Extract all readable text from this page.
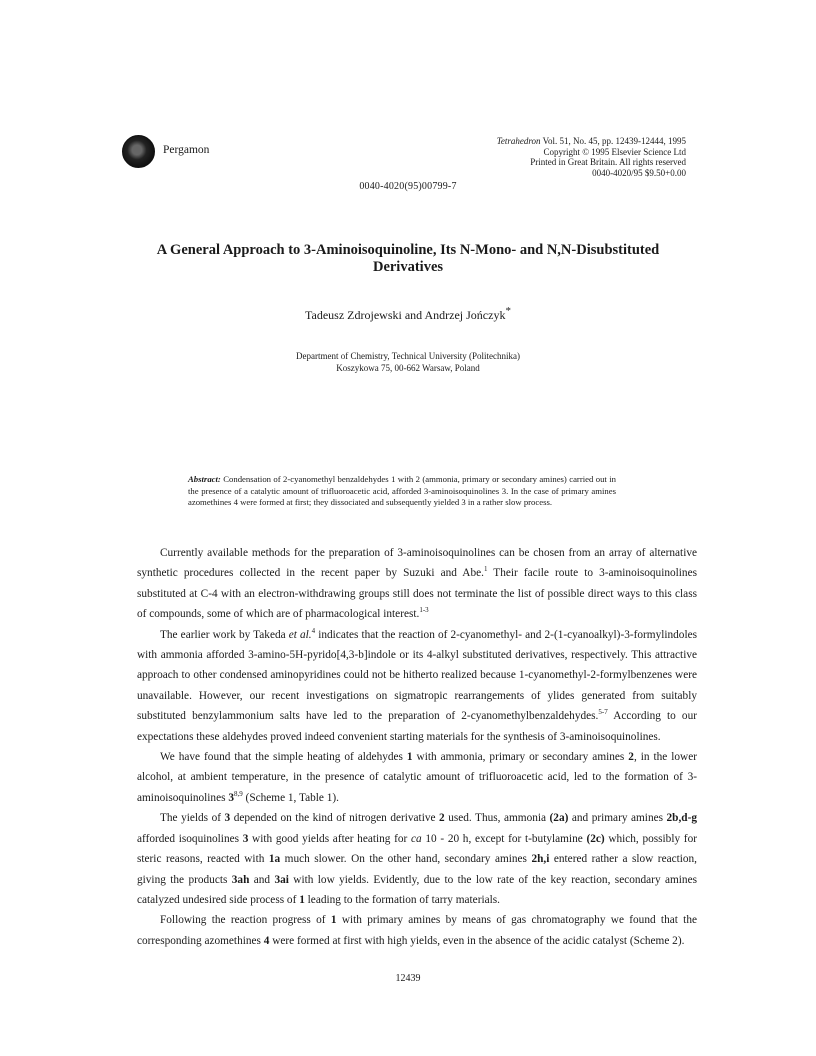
Pergamon
Tetrahedron Vol. 51, No. 45, pp. 12439-12444, 1995
Copyright © 1995 Elsevier Science Ltd
Printed in Great Britain. All rights reserved
0040-4020/95 $9.50+0.00
0040-4020(95)00799-7
A General Approach to 3-Aminoisoquinoline, Its N-Mono- and N,N-Disubstituted Derivatives
Tadeusz Zdrojewski and Andrzej Jończyk*
Department of Chemistry, Technical University (Politechnika)
Koszykowa 75, 00-662 Warsaw, Poland
Abstract: Condensation of 2-cyanomethyl benzaldehydes 1 with 2 (ammonia, primary or secondary amines) carried out in the presence of a catalytic amount of trifluoroacetic acid, afforded 3-aminoisoquinolines 3. In the case of primary amines azomethines 4 were formed at first; they dissociated and subsequently yielded 3 in a rather slow process.

Currently available methods for the preparation of 3-aminoisoquinolines can be chosen from an array of alternative synthetic procedures collected in the recent paper by Suzuki and Abe.$^1$ Their facile route to 3-aminoisoquinolines substituted at C-4 with an electron-withdrawing groups still does not terminate the list of possible direct ways to this class of compounds, some of which are of pharmacological interest.$^{1-3}$

The earlier work by Takeda et al.$^4$ indicates that the reaction of 2-cyanomethyl- and 2-(1-cyanoalkyl)-3-formylindoles with ammonia afforded 3-amino-5H-pyrido[4,3-b]indole or its 4-alkyl substituted derivatives, respectively. This attractive approach to other condensed aminopyridines could not be hitherto realized because 1-cyanomethyl-2-formylbenzenes were unavailable. However, our recent investigations on sigmatropic rearrangements of ylides generated from suitably substituted benzylammonium salts have led to the preparation of 2-cyanomethylbenzaldehydes.$^{5-7}$ According to our expectations these aldehydes proved indeed convenient starting materials for the synthesis of 3-aminoisoquinolines.

We have found that the simple heating of aldehydes 1 with ammonia, primary or secondary amines 2, in the lower alcohol, at ambient temperature, in the presence of catalytic amount of trifluoroacetic acid, led to the formation of 3-aminoisoquinolines 3$^{8,9}$ (Scheme 1, Table 1).

The yields of 3 depended on the kind of nitrogen derivative 2 used. Thus, ammonia (2a) and primary amines 2b,d-g afforded isoquinolines 3 with good yields after heating for ca 10 - 20 h, except for t-butylamine (2c) which, possibly for steric reasons, reacted with 1a much slower. On the other hand, secondary amines 2h,i entered rather a slow reaction, giving the products 3ah and 3ai with low yields. Evidently, due to the low rate of the key reaction, secondary amines catalyzed undesired side process of 1 leading to the formation of tarry materials.

Following the reaction progress of 1 with primary amines by means of gas chromatography we found that the corresponding azomethines 4 were formed at first with high yields, even in the absence of the acidic catalyst (Scheme 2).

12439
